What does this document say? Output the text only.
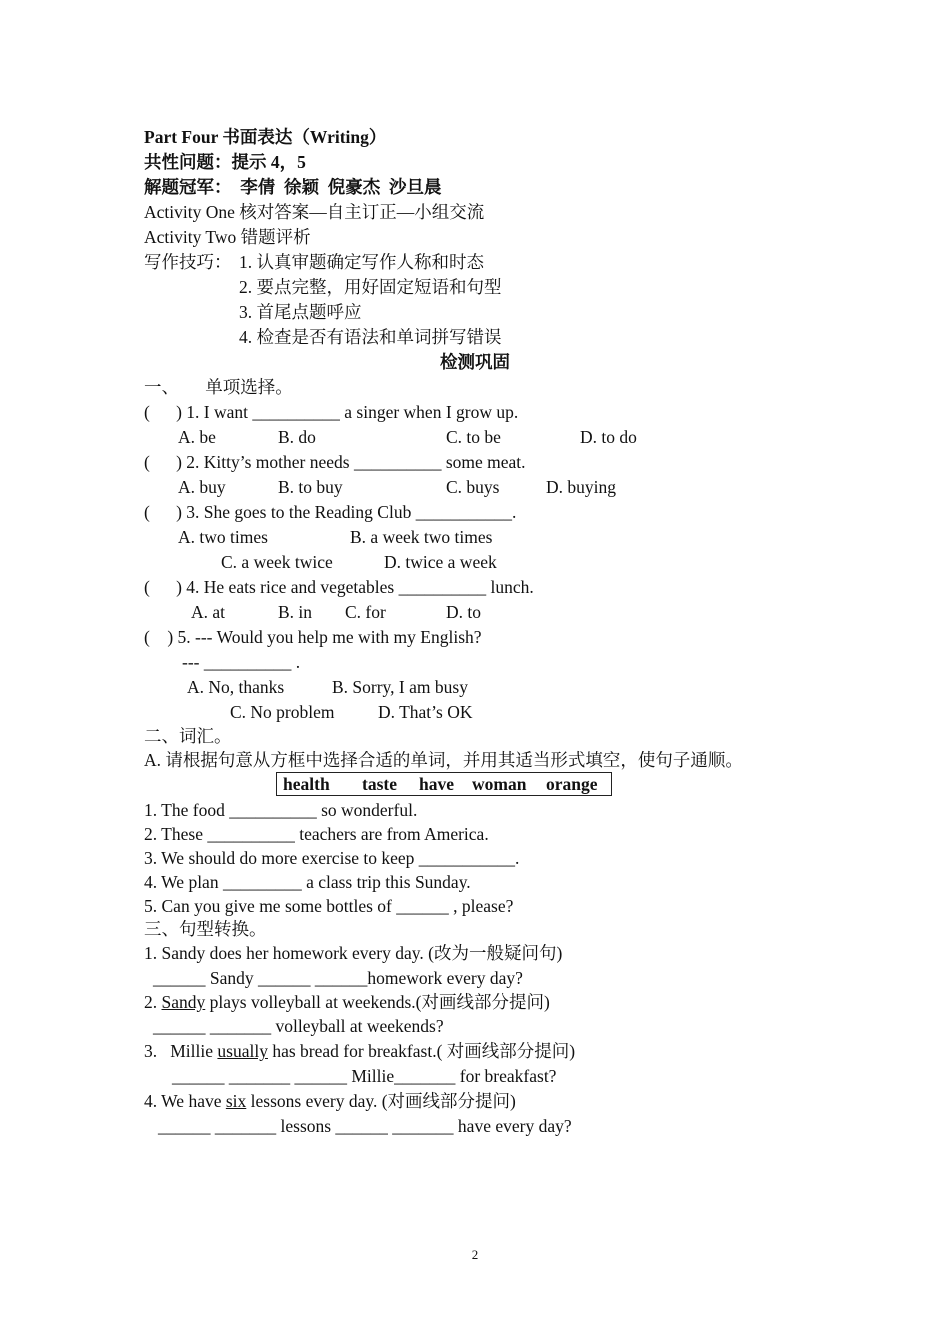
Part Four 书面表达（Writing）
共性问题：提示 4，5
解题冠军：  李倩  徐颖  倪豪杰  沙旦晨
Activity One 核对答案—自主订正—小组交流
Activity Two 错题评析
写作技巧： 1. 认真审题确定写作人称和时态
2. 要点完整，用好固定短语和句型
3. 首尾点题呼应
4. 检查是否有语法和单词拼写错误
检测巩固
一、      单项选择。
(      ) 1. I want __________ a singer when I grow up.
A. be	B. do	C. to be	D. to do
(      ) 2. Kitty’s mother needs __________ some meat.
A. buy	B. to buy	C. buys	D. buying
(      ) 3. She goes to the Reading Club ___________.
A. two times	B. a week two times
C. a week twice	D. twice a week
(      ) 4. He eats rice and vegetables __________ lunch.
A. at	B. in C. for	D. to
(    ) 5. --- Would you help me with my English?
--- __________ .
A. No, thanks	B. Sorry, I am busy
C. No problem D. That’s OK
二、词汇。
A. 请根据句意从方框中选择合适的单词，并用其适当形式填空，使句子通顺。
health taste have woman orange
1. The food __________ so wonderful.
2. These __________ teachers are from America.
3. We should do more exercise to keep ___________.
4. We plan _________ a class trip this Sunday.
5. Can you give me some bottles of ______ , please?
三、句型转换。
1. Sandy does her homework every day. (改为一般疑问句)
______ Sandy ______ ______homework every day?
2. Sandy plays volleyball at weekends.(对画线部分提问)
______ _______ volleyball at weekends?
3.   Millie usually has bread for breakfast.( 对画线部分提问)
______ _______ ______ Millie_______ for breakfast?
4. We have six lessons every day. (对画线部分提问)
______ _______ lessons ______ _______ have every day?
2
